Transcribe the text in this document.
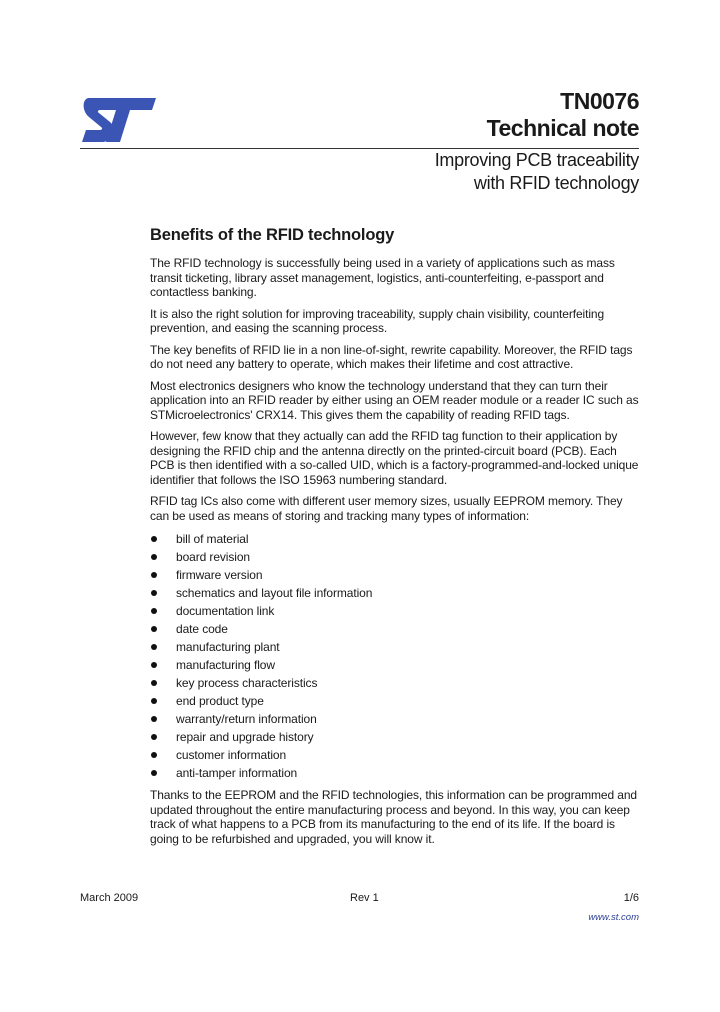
TN0076
Technical note
Improving PCB traceability
with RFID technology
Benefits of the RFID technology

The RFID technology is successfully being used in a variety of applications such as mass transit ticketing, library asset management, logistics, anti-counterfeiting, e-passport and contactless banking.

It is also the right solution for improving traceability, supply chain visibility, counterfeiting prevention, and easing the scanning process.

The key benefits of RFID lie in a non line-of-sight, rewrite capability. Moreover, the RFID tags do not need any battery to operate, which makes their lifetime and cost attractive.

Most electronics designers who know the technology understand that they can turn their application into an RFID reader by either using an OEM reader module or a reader IC such as STMicroelectronics' CRX14. This gives them the capability of reading RFID tags.

However, few know that they actually can add the RFID tag function to their application by designing the RFID chip and the antenna directly on the printed-circuit board (PCB). Each PCB is then identified with a so-called UID, which is a factory-programmed-and-locked unique identifier that follows the ISO 15963 numbering standard.

RFID tag ICs also come with different user memory sizes, usually EEPROM memory. They can be used as means of storing and tracking many types of information:

bill of material
board revision
firmware version
schematics and layout file information
documentation link
date code
manufacturing plant
manufacturing flow
key process characteristics
end product type
warranty/return information
repair and upgrade history
customer information
anti-tamper information

Thanks to the EEPROM and the RFID technologies, this information can be programmed and updated throughout the entire manufacturing process and beyond. In this way, you can keep track of what happens to a PCB from its manufacturing to the end of its life. If the board is going to be refurbished and upgraded, you will know it.

March 2009	Rev 1	1/6
www.st.com
